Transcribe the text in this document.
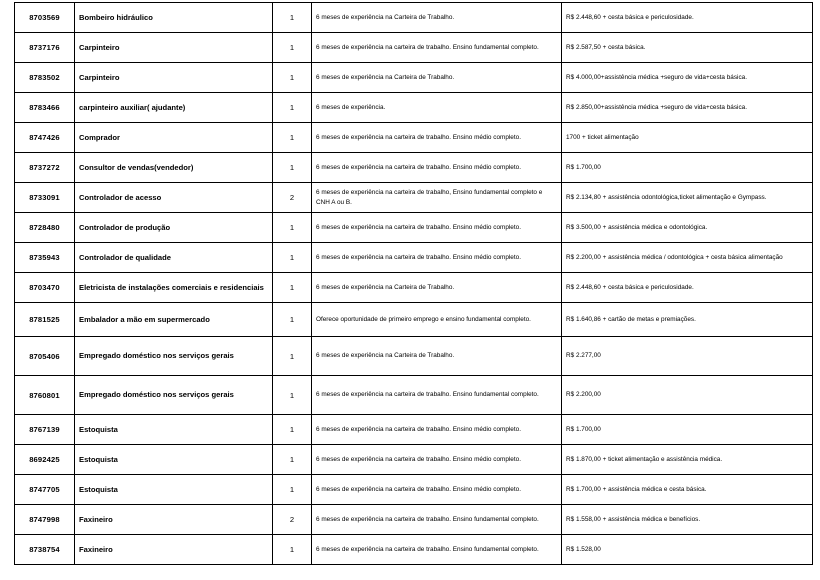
8703569	Bombeiro hidráulico	1	6 meses de experiência na Carteira de Trabalho.	R$ 2.448,60 + cesta básica e periculosidade.
8737176	Carpinteiro	1	6 meses de experiência na carteira de trabalho. Ensino fundamental completo.	R$ 2.587,50 + cesta básica.
8783502	Carpinteiro	1	6 meses de experiência na Carteira de Trabalho.	R$ 4.000,00+assistência médica +seguro de vida+cesta básica.
8783466	carpinteiro auxiliar( ajudante)	1	6 meses de experiência.	R$ 2.850,00+assistência médica +seguro de vida+cesta básica.
8747426	Comprador	1	6 meses de experiência na carteira de trabalho. Ensino médio completo.	1700 + ticket alimentação
8737272	Consultor de vendas(vendedor)	1	6 meses de experiência na carteira de trabalho. Ensino médio completo.	R$ 1.700,00
8733091	Controlador de acesso	2	6 meses de experiência na carteira de trabalho, Ensino fundamental completo e CNH A ou B.	R$ 2.134,80 + assistência odontológica,ticket alimentação e Gympass.
8728480	Controlador de produção	1	6 meses de experiência na carteira de trabalho. Ensino médio completo.	R$ 3.500,00 + assistência médica e odontológica.
8735943	Controlador de qualidade	1	6 meses de experiência na carteira de trabalho. Ensino médio completo.	R$ 2.200,00 + assistência médica / odontológica + cesta básica alimentação
8703470	Eletricista de instalações comerciais e residenciais	1	6 meses de experiência na Carteira de Trabalho.	R$ 2.448,60 + cesta básica e periculosidade.
8781525	Embalador a mão em supermercado	1	Oferece oportunidade de primeiro emprego e ensino fundamental completo.	R$ 1.640,86 + cartão de metas e premiações.
8705406	Empregado doméstico nos serviços gerais	1	6 meses de experiência na Carteira de Trabalho.	R$ 2.277,00
8760801	Empregado doméstico nos serviços gerais	1	6 meses de experiência na carteira de trabalho. Ensino fundamental completo.	R$ 2.200,00
8767139	Estoquista	1	6 meses de experiência na carteira de trabalho. Ensino médio completo.	R$ 1.700,00
8692425	Estoquista	1	6 meses de experiência na carteira de trabalho. Ensino médio completo.	R$ 1.870,00 + ticket alimentação e assistência médica.
8747705	Estoquista	1	6 meses de experiência na carteira de trabalho. Ensino médio completo.	R$ 1.700,00 + assistência médica e cesta básica.
8747998	Faxineiro	2	6 meses de experiência na carteira de trabalho. Ensino fundamental completo.	R$ 1.558,00 + assistência médica e benefícios.
8738754	Faxineiro	1	6 meses de experiência na carteira de trabalho. Ensino fundamental completo.	R$ 1.528,00
